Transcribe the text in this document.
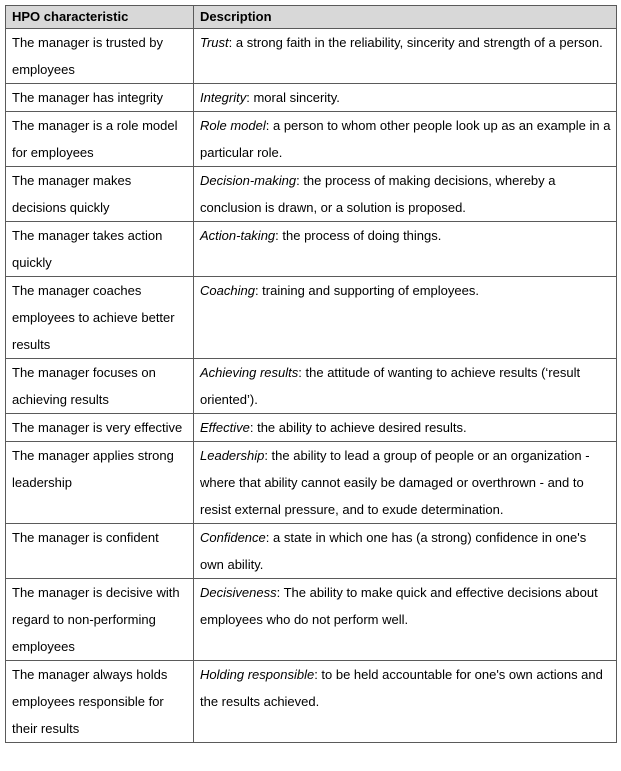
HPO characteristic	Description
The manager is trusted by employees	Trust: a strong faith in the reliability, sincerity and strength of a person.
The manager has integrity	Integrity: moral sincerity.
The manager is a role model for employees	Role model: a person to whom other people look up as an example in a particular role.
The manager makes decisions quickly	Decision-making: the process of making decisions, whereby a conclusion is drawn, or a solution is proposed.
The manager takes action quickly	Action-taking: the process of doing things.
The manager coaches employees to achieve better results	Coaching: training and supporting of employees.
The manager focuses on achieving results	Achieving results: the attitude of wanting to achieve results (‘result oriented’).
The manager is very effective	Effective: the ability to achieve desired results.
The manager applies strong leadership	Leadership: the ability to lead a group of people or an organization - where that ability cannot easily be damaged or overthrown - and to resist external pressure, and to exude determination.
The manager is confident	Confidence: a state in which one has (a strong) confidence in one's own ability.
The manager is decisive with regard to non-performing employees	Decisiveness: The ability to make quick and effective decisions about employees who do not perform well.
The manager always holds employees responsible for their results	Holding responsible: to be held accountable for one's own actions and the results achieved.
